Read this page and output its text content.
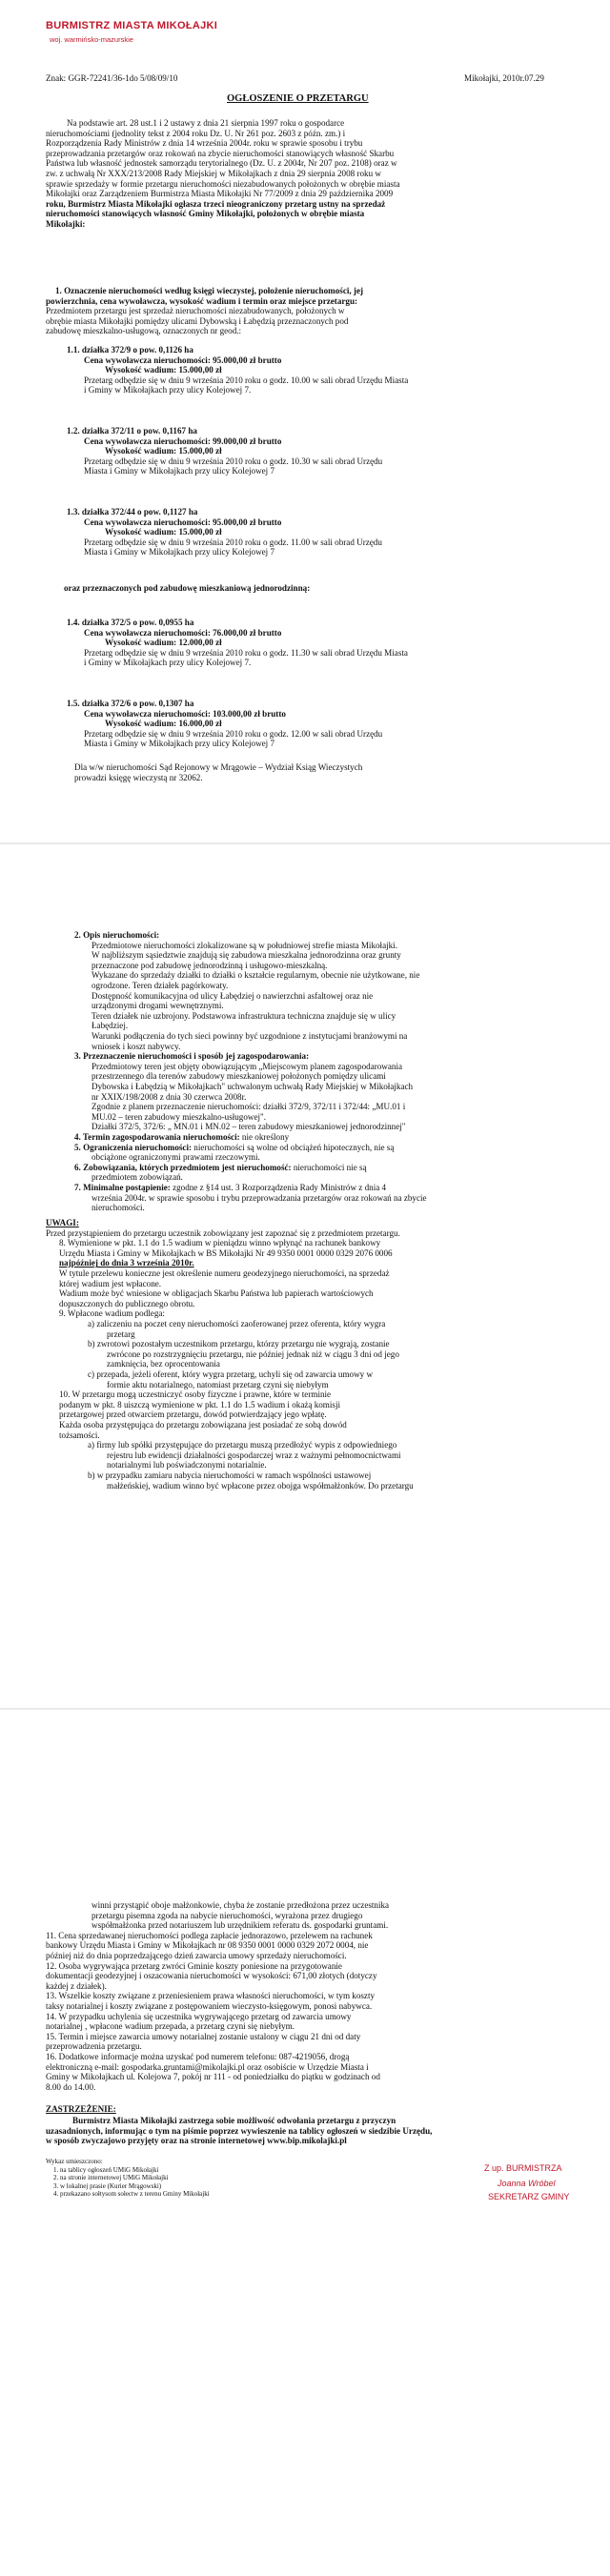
BURMISTRZ MIASTA MIKOŁAJKI
woj. warmińsko-mazurskie
Znak: GGR-72241/36-1do 5/08/09/10	Mikołajki, 2010r.07.29
OGŁOSZENIE O PRZETARGU
Na podstawie art. 28 ust.1 i 2 ustawy z dnia 21 sierpnia 1997 roku o gospodarce
nieruchomościami (jednolity tekst z 2004 roku Dz. U. Nr 261 poz. 2603 z późn. zm.) i
Rozporządzenia Rady Ministrów z dnia 14 września 2004r. roku w sprawie sposobu i trybu
przeprowadzania przetargów oraz rokowań na zbycie nieruchomości stanowiących własność Skarbu
Państwa lub własność jednostek samorządu terytorialnego (Dz. U. z 2004r, Nr 207 poz. 2108) oraz w
zw. z uchwałą Nr XXX/213/2008 Rady Miejskiej w Mikołajkach z dnia 29 sierpnia 2008 roku w
sprawie sprzedaży w formie przetargu nieruchomości niezabudowanych położonych w obrębie miasta
Mikołajki oraz Zarządzeniem Burmistrza Miasta Mikołajki Nr 77/2009 z dnia 29 października 2009
roku, Burmistrz Miasta Mikołajki ogłasza trzeci nieograniczony przetarg ustny na sprzedaż
nieruchomości stanowiących własność Gminy Mikołajki, położonych w obrębie miasta
Mikołajki:
1. Oznaczenie nieruchomości według księgi wieczystej, położenie nieruchomości, jej
powierzchnia, cena wywoławcza, wysokość wadium i termin oraz miejsce przetargu:
Przedmiotem przetargu jest sprzedaż nieruchomości niezabudowanych, położonych w
obrębie miasta Mikołajki pomiędzy ulicami Dybowską i Łabędzią przeznaczonych pod
zabudowę mieszkalno-usługową, oznaczonych nr geod.:
1.1. działka 372/9 o pow. 0,1126 ha
Cena wywoławcza nieruchomości: 95.000,00 zł brutto
Wysokość wadium: 15.000,00 zł
Przetarg odbędzie się w dniu 9 września 2010 roku o godz. 10.00 w sali obrad Urzędu Miasta
i Gminy w Mikołajkach przy ulicy Kolejowej 7.
1.2. działka 372/11 o pow. 0,1167 ha
Cena wywoławcza nieruchomości: 99.000,00 zł brutto
Wysokość wadium: 15.000,00 zł
Przetarg odbędzie się w dniu 9 września 2010 roku o godz. 10.30 w sali obrad Urzędu
Miasta i Gminy w Mikołajkach przy ulicy Kolejowej 7
1.3. działka 372/44 o pow. 0,1127 ha
Cena wywoławcza nieruchomości: 95.000,00 zł brutto
Wysokość wadium: 15.000,00 zł
Przetarg odbędzie się w dniu 9 września 2010 roku o godz. 11.00 w sali obrad Urzędu
Miasta i Gminy w Mikołajkach przy ulicy Kolejowej 7
oraz przeznaczonych pod zabudowę mieszkaniową jednorodzinną:
1.4. działka 372/5 o pow. 0,0955 ha
Cena wywoławcza nieruchomości: 76.000,00 zł brutto
Wysokość wadium: 12.000,00 zł
Przetarg odbędzie się w dniu 9 września 2010 roku o godz. 11.30 w sali obrad Urzędu Miasta
i Gminy w Mikołajkach przy ulicy Kolejowej 7.
1.5. działka 372/6 o pow. 0,1307 ha
Cena wywoławcza nieruchomości: 103.000,00 zł brutto
Wysokość wadium: 16.000,00 zł
Przetarg odbędzie się w dniu 9 września 2010 roku o godz. 12.00 w sali obrad Urzędu
Miasta i Gminy w Mikołajkach przy ulicy Kolejowej 7
Dla w/w nieruchomości Sąd Rejonowy w Mrągowie – Wydział Ksiąg Wieczystych
prowadzi księgę wieczystą nr 32062.
2. Opis nieruchomości:
Przedmiotowe nieruchomości zlokalizowane są w południowej strefie miasta Mikołajki.
W najbliższym sąsiedztwie znajdują się zabudowa mieszkalna jednorodzinna oraz grunty
przeznaczone pod zabudowę jednorodzinną i usługowo-mieszkalną.
Wykazane do sprzedaży działki to działki o kształcie regularnym, obecnie nie użytkowane, nie
ogrodzone. Teren działek pagórkowaty.
Dostępność komunikacyjna od ulicy Łabędziej o nawierzchni asfaltowej oraz nie
urządzonymi drogami wewnętrznymi.
Teren działek nie uzbrojony. Podstawowa infrastruktura techniczna znajduje się w ulicy
Łabędziej.
Warunki podłączenia do tych sieci powinny być uzgodnione z instytucjami branżowymi na
wniosek i koszt nabywcy.
3. Przeznaczenie nieruchomości i sposób jej zagospodarowania:
Przedmiotowy teren jest objęty obowiązującym „Miejscowym planem zagospodarowania
przestrzennego dla terenów zabudowy mieszkaniowej położonych pomiędzy ulicami
Dybowska i Łabędzią w Mikołajkach" uchwalonym uchwałą Rady Miejskiej w Mikołajkach
nr XXIX/198/2008 z dnia 30 czerwca 2008r.
Zgodnie z planem przeznaczenie nieruchomości: działki 372/9, 372/11 i 372/44: „MU.01 i
MU.02 – teren zabudowy mieszkalno-usługowej".
Działki 372/5, 372/6: „ MN.01 i MN.02 – teren zabudowy mieszkaniowej jednorodzinnej"
4. Termin zagospodarowania nieruchomości: nie określony
5. Ograniczenia nieruchomości: nieruchomości są wolne od obciążeń hipotecznych, nie są
obciążone ograniczonymi prawami rzeczowymi.
6. Zobowiązania, których przedmiotem jest nieruchomość: nieruchomości nie są
przedmiotem zobowiązań.
7. Minimalne postąpienie: zgodne z §14 ust. 3 Rozporządzenia Rady Ministrów z dnia 4
września 2004r. w sprawie sposobu i trybu przeprowadzania przetargów oraz rokowań na zbycie
nieruchomości.
UWAGI:
Przed przystąpieniem do przetargu uczestnik zobowiązany jest zapoznać się z przedmiotem przetargu.
8. Wymienione w pkt. 1.1 do 1.5 wadium w pieniądzu winno wpłynąć na rachunek bankowy
Urzędu Miasta i Gminy w Mikołajkach w BS Mikołajki Nr 49 9350 0001 0000 0329 2076 0006
najpóźniej do dnia 3 września 2010r.
W tytule przelewu konieczne jest określenie numeru geodezyjnego nieruchomości, na sprzedaż
której wadium jest wpłacone.
Wadium może być wniesione w obligacjach Skarbu Państwa lub papierach wartościowych
dopuszczonych do publicznego obrotu.
9. Wpłacone wadium podlega:
a) zaliczeniu na poczet ceny nieruchomości zaoferowanej przez oferenta, który wygra
przetarg
b) zwrotowi pozostałym uczestnikom przetargu, którzy przetargu nie wygrają, zostanie
zwrócone po rozstrzygnięciu przetargu, nie później jednak niż w ciągu 3 dni od jego
zamknięcia, bez oprocentowania
c) przepada, jeżeli oferent, który wygra przetarg, uchyli się od zawarcia umowy w
formie aktu notarialnego, natomiast przetarg czyni się niebyłym
10. W przetargu mogą uczestniczyć osoby fizyczne i prawne, które w terminie
podanym w pkt. 8 uiszczą wymienione w pkt. 1.1 do 1.5 wadium i okażą komisji
przetargowej przed otwarciem przetargu, dowód potwierdzający jego wpłatę.
Każda osoba przystępująca do przetargu zobowiązana jest posiadać ze sobą dowód
tożsamości.
a) firmy lub spółki przystępujące do przetargu muszą przedłożyć wypis z odpowiedniego
rejestru lub ewidencji działalności gospodarczej wraz z ważnymi pełnomocnictwami
notarialnymi lub poświadczonymi notarialnie.
b) w przypadku zamiaru nabycia nieruchomości w ramach wspólności ustawowej
małżeńskiej, wadium winno być wpłacone przez obojga współmałżonków. Do przetargu
winni przystąpić oboje małżonkowie, chyba że zostanie przedłożona przez uczestnika
przetargu pisemna zgoda na nabycie nieruchomości, wyrażona przez drugiego
współmałżonka przed notariuszem lub urzędnikiem referatu ds. gospodarki gruntami.
11. Cena sprzedawanej nieruchomości podlega zapłacie jednorazowo, przelewem na rachunek
bankowy Urzędu Miasta i Gminy w Mikołajkach nr 08 9350 0001 0000 0329 2072 0004, nie
później niż do dnia poprzedzającego dzień zawarcia umowy sprzedaży nieruchomości.
12. Osoba wygrywająca przetarg zwróci Gminie koszty poniesione na przygotowanie
dokumentacji geodezyjnej i oszacowania nieruchomości w wysokości: 671,00 złotych (dotyczy
każdej z działek).
13. Wszelkie koszty związane z przeniesieniem prawa własności nieruchomości, w tym koszty
taksy notarialnej i koszty związane z postępowaniem wieczysto-księgowym, ponosi nabywca.
14. W przypadku uchylenia się uczestnika wygrywającego przetarg od zawarcia umowy
notarialnej , wpłacone wadium przepada, a przetarg czyni się niebyłym.
15. Termin i miejsce zawarcia umowy notarialnej zostanie ustalony w ciągu 21 dni od daty
przeprowadzenia przetargu.
16. Dodatkowe informacje można uzyskać pod numerem telefonu: 087-4219056, drogą
elektroniczną e-mail: gospodarka.gruntami@mikolajki.pl oraz osobiście w Urzędzie Miasta i
Gminy w Mikołajkach ul. Kolejowa 7, pokój nr 111 - od poniedziałku do piątku w godzinach od
8.00 do 14.00.
ZASTRZEŻENIE:
Burmistrz Miasta Mikołajki zastrzega sobie możliwość odwołania przetargu z przyczyn
uzasadnionych, informując o tym na piśmie poprzez wywieszenie na tablicy ogłoszeń w siedzibie Urzędu,
w sposób zwyczajowo przyjęty oraz na stronie internetowej www.bip.mikolajki.pl
Wykaz umieszczono:
1. na tablicy ogłoszeń UMiG Mikołajki
2. na stronie internetowej UMiG Mikołajki
3. w lokalnej prasie (Kurier Mrągowski)
4. przekazano sołtysom sołectw z terenu Gminy Mikołajki
Z up. BURMISTRZA
Joanna Wróbel
SEKRETARZ GMINY
